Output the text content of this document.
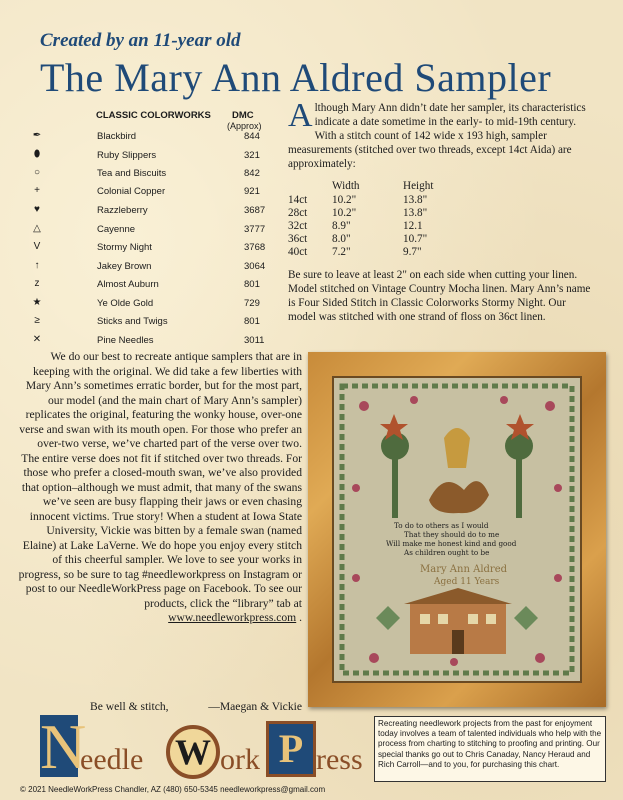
Created by an 11-year old
The Mary Ann Aldred Sampler
CLASSIC COLORWORKS DMC
(Approx)
✒	Blackbird	844
⬮	Ruby Slippers	321
○	Tea and Biscuits	842
+	Colonial Copper	921
♥	Razzleberry	3687
△	Cayenne	3777
V	Stormy Night	3768
↑	Jakey Brown	3064
z	Almost Auburn	801
★	Ye Olde Gold	729
≥	Sticks and Twigs	801
✕	Pine Needles	3011
Although Mary Ann didn’t date her sampler, its characteristics indicate a date sometime in the early- to mid-19th century. With a stitch count of 142 wide x 193 high, sampler measurements (stitched over two threads, except 14ct Aida) are approximately:
Width	Height
14ct 10.2"	13.8"
28ct 10.2"	13.8"
32ct 8.9"	12.1
36ct 8.0"	10.7"
40ct 7.2"	9.7"
Be sure to leave at least 2" on each side when cutting your linen. Model stitched on Vintage Country Mocha linen. Mary Ann’s name is Four Sided Stitch in Classic Colorworks Stormy Night. Our model was stitched with one strand of floss on 36ct linen.
We do our best to recreate antique samplers that are in keeping with the original. We did take a few liberties with Mary Ann’s sometimes erratic border, but for the most part, our model (and the main chart of Mary Ann’s sampler) replicates the original, featuring the wonky house, over-one verse and swan with its mouth open. For those who prefer an over-two verse, we’ve charted part of the verse over two. The entire verse does not fit if stitched over two threads. For those who prefer a closed-mouth swan, we’ve also provided that option–although we must admit, that many of the swans we’ve seen are busy flapping their jaws or even chasing innocent victims. True story! When a student at Iowa State University, Vickie was bitten by a female swan (named Elaine) at Lake LaVerne. We do hope you enjoy every stitch of this cheerful sampler. We love to see your works in progress, so be sure to tag #needleworkpress on Instagram or post to our NeedleWorkPress page on Facebook. To see our products, click the “library” tab at www.needleworkpress.com .
Be well & stitch,	—Maegan & Vickie
To do to others as I would
That they should do to me
Will make me honest kind and good
As children ought to be
Mary Ann Aldred
Aged 11 Years
N
eedle W ork P ress
© 2021 NeedleWorkPress Chandler, AZ (480) 650-5345 needleworkpress@gmail.com
Recreating needlework projects from the past for enjoyment today involves a team of talented individuals who help with the process from charting to stitching to proofing and printing. Our special thanks go out to Chris Canaday, Nancy Heraud and Rich Carroll—and to you, for purchasing this chart.
